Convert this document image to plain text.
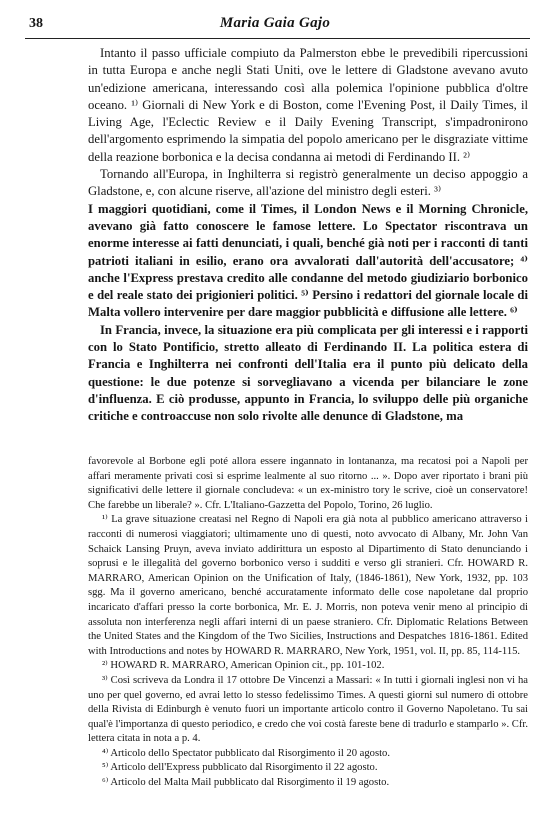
38	Maria Gaia Gajo

Intanto il passo ufficiale compiuto da Palmerston ebbe le prevedibili ripercussioni in tutta Europa e anche negli Stati Uniti, ove le lettere di Gladstone avevano avuto un'edizione americana, interessando così alla polemica l'opinione pubblica d'oltre oceano. ¹⁾ Giornali di New York e di Boston, come l'Evening Post, il Daily Times, il Living Age, l'Eclectic Review e il Daily Evening Transcript, s'impadronirono dell'argomento esprimendo la simpatia del popolo americano per le disgraziate vittime della reazione borbonica e la decisa condanna ai metodi di Ferdinando II. ²⁾

Tornando all'Europa, in Inghilterra si registrò generalmente un deciso appoggio a Gladstone, e, con alcune riserve, all'azione del ministro degli esteri. ³⁾

I maggiori quotidiani, come il Times, il London News e il Morning Chronicle, avevano già fatto conoscere le famose lettere. Lo Spectator riscontrava un enorme interesse ai fatti denunciati, i quali, benché già noti per i racconti di tanti patrioti italiani in esilio, erano ora avvalorati dall'autorità dell'accusatore; ⁴⁾ anche l'Express prestava credito alle condanne del metodo giudiziario borbonico e del reale stato dei prigionieri politici. ⁵⁾ Persino i redattori del giornale locale di Malta vollero intervenire per dare maggior pubblicità e diffusione alle lettere. ⁶⁾

In Francia, invece, la situazione era più complicata per gli interessi e i rapporti con lo Stato Pontificio, stretto alleato di Ferdinando II. La politica estera di Francia e Inghilterra nei confronti dell'Italia era il punto più delicato della questione: le due potenze si sorvegliavano a vicenda per bilanciare le zone d'influenza. E ciò produsse, appunto in Francia, lo sviluppo delle più organiche critiche e controaccuse non solo rivolte alle denunce di Gladstone, ma

favorevole al Borbone egli poté allora essere ingannato in lontananza, ma recatosi poi a Napoli per affari meramente privati così si esprime lealmente al suo ritorno ... ». Dopo aver riportato i brani più significativi delle lettere il giornale concludeva: « un ex-ministro tory le scrive, cioè un conservatore! Che farebbe un liberale? ». Cfr. L'Italiano-Gazzetta del Popolo, Torino, 26 luglio.

¹⁾ La grave situazione creatasi nel Regno di Napoli era già nota al pubblico americano attraverso i racconti di numerosi viaggiatori; ultimamente uno di questi, noto avvocato di Albany, Mr. John Van Schaick Lansing Pruyn, aveva inviato addirittura un esposto al Dipartimento di Stato denunciando i soprusi e le illegalità del governo borbonico verso i sudditi e verso gli stranieri. Cfr. HOWARD R. MARRARO, American Opinion on the Unification of Italy, (1846-1861), New York, 1932, pp. 103 sgg. Ma il governo americano, benché accuratamente informato delle cose napoletane dal proprio incaricato d'affari presso la corte borbonica, Mr. E. J. Morris, non poteva venir meno al principio di assoluta non interferenza negli affari interni di un paese straniero. Cfr. Diplomatic Relations Between the United States and the Kingdom of the Two Sicilies, Instructions and Despatches 1816-1861. Edited with Introductions and notes by HOWARD R. MARRARO, New York, 1951, vol. II, pp. 85, 114-115.

²⁾ HOWARD R. MARRARO, American Opinion cit., pp. 101-102.

³⁾ Così scriveva da Londra il 17 ottobre De Vincenzi a Massari: « In tutti i giornali inglesi non vi ha uno per quel governo, ed avrai letto lo stesso fedelissimo Times. A questi giorni sul numero di ottobre della Rivista di Edinburgh è venuto fuori un importante articolo contro il Governo Napoletano. Tu sai qual'è l'importanza di questo periodico, e credo che voi costà fareste bene di tradurlo e stamparlo ». Cfr. lettera citata in nota a p. 4.

⁴⁾ Articolo dello Spectator pubblicato dal Risorgimento il 20 agosto.

⁵⁾ Articolo dell'Express pubblicato dal Risorgimento il 22 agosto.

⁶⁾ Articolo del Malta Mail pubblicato dal Risorgimento il 19 agosto.
